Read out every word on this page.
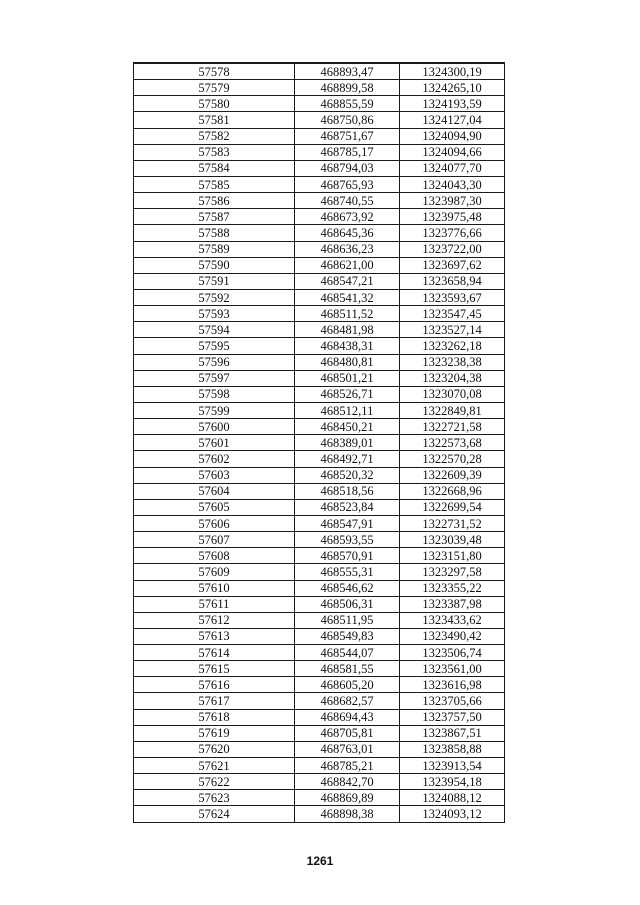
57578	468893,47	1324300,19
57579	468899,58	1324265,10
57580	468855,59	1324193,59
57581	468750,86	1324127,04
57582	468751,67	1324094,90
57583	468785,17	1324094,66
57584	468794,03	1324077,70
57585	468765,93	1324043,30
57586	468740,55	1323987,30
57587	468673,92	1323975,48
57588	468645,36	1323776,66
57589	468636,23	1323722,00
57590	468621,00	1323697,62
57591	468547,21	1323658,94
57592	468541,32	1323593,67
57593	468511,52	1323547,45
57594	468481,98	1323527,14
57595	468438,31	1323262,18
57596	468480,81	1323238,38
57597	468501,21	1323204,38
57598	468526,71	1323070,08
57599	468512,11	1322849,81
57600	468450,21	1322721,58
57601	468389,01	1322573,68
57602	468492,71	1322570,28
57603	468520,32	1322609,39
57604	468518,56	1322668,96
57605	468523,84	1322699,54
57606	468547,91	1322731,52
57607	468593,55	1323039,48
57608	468570,91	1323151,80
57609	468555,31	1323297,58
57610	468546,62	1323355,22
57611	468506,31	1323387,98
57612	468511,95	1323433,62
57613	468549,83	1323490,42
57614	468544,07	1323506,74
57615	468581,55	1323561,00
57616	468605,20	1323616,98
57617	468682,57	1323705,66
57618	468694,43	1323757,50
57619	468705,81	1323867,51
57620	468763,01	1323858,88
57621	468785,21	1323913,54
57622	468842,70	1323954,18
57623	468869,89	1324088,12
57624	468898,38	1324093,12
1261
